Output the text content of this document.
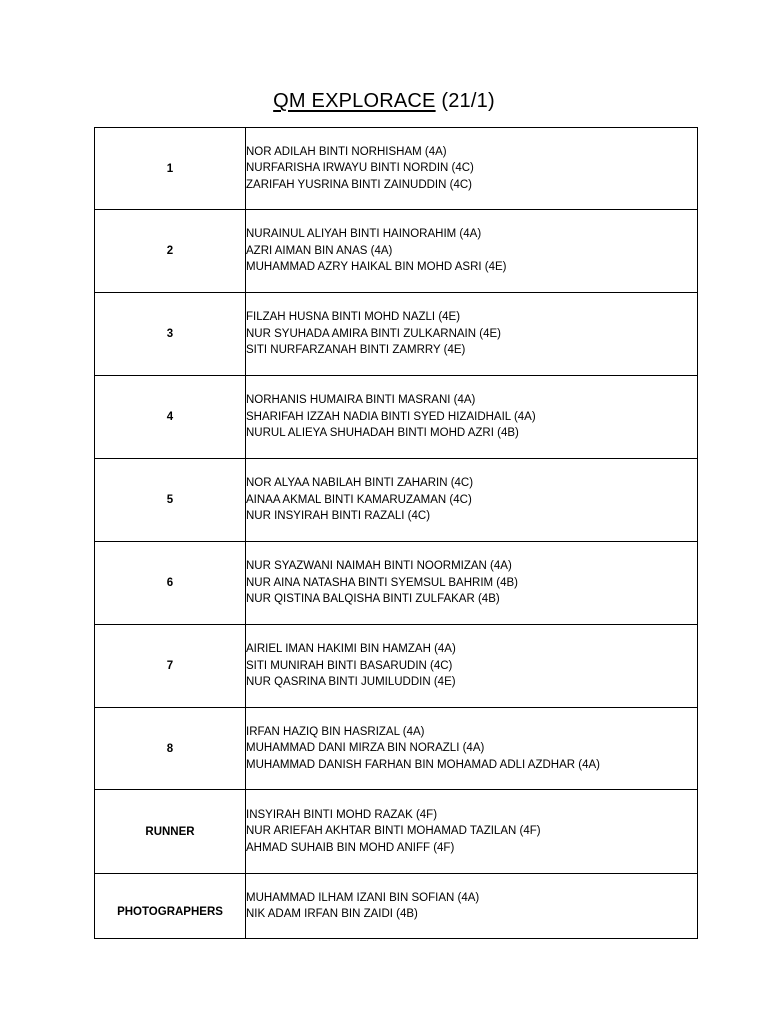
QM EXPLORACE (21/1)
1	NOR ADILAH BINTI NORHISHAM (4A)
NURFARISHA IRWAYU BINTI NORDIN (4C)
ZARIFAH YUSRINA BINTI ZAINUDDIN (4C)

2	NURAINUL ALIYAH BINTI HAINORAHIM (4A)
AZRI AIMAN BIN ANAS (4A)
MUHAMMAD AZRY HAIKAL BIN MOHD ASRI (4E)

3	FILZAH HUSNA BINTI MOHD NAZLI (4E)
NUR SYUHADA AMIRA BINTI ZULKARNAIN (4E)
SITI NURFARZANAH BINTI ZAMRRY (4E)

4	NORHANIS HUMAIRA BINTI MASRANI (4A)
SHARIFAH IZZAH NADIA BINTI SYED HIZAIDHAIL (4A)
NURUL ALIEYA SHUHADAH BINTI MOHD AZRI (4B)

5	NOR ALYAA NABILAH BINTI ZAHARIN (4C)
AINAA AKMAL BINTI KAMARUZAMAN (4C)
NUR INSYIRAH BINTI RAZALI (4C)

6	NUR SYAZWANI NAIMAH BINTI NOORMIZAN (4A)
NUR AINA NATASHA BINTI SYEMSUL BAHRIM (4B)
NUR QISTINA BALQISHA BINTI ZULFAKAR (4B)

7	AIRIEL IMAN HAKIMI BIN HAMZAH (4A)
SITI MUNIRAH BINTI BASARUDIN (4C)
NUR QASRINA BINTI JUMILUDDIN (4E)

8	IRFAN HAZIQ BIN HASRIZAL (4A)
MUHAMMAD DANI MIRZA BIN NORAZLI (4A)
MUHAMMAD DANISH FARHAN BIN MOHAMAD ADLI AZDHAR (4A)

RUNNER	INSYIRAH BINTI MOHD RAZAK (4F)
NUR ARIEFAH AKHTAR BINTI MOHAMAD TAZILAN (4F)
AHMAD SUHAIB BIN MOHD ANIFF (4F)

PHOTOGRAPHERS	MUHAMMAD ILHAM IZANI BIN SOFIAN (4A)
NIK ADAM IRFAN BIN ZAIDI (4B)
